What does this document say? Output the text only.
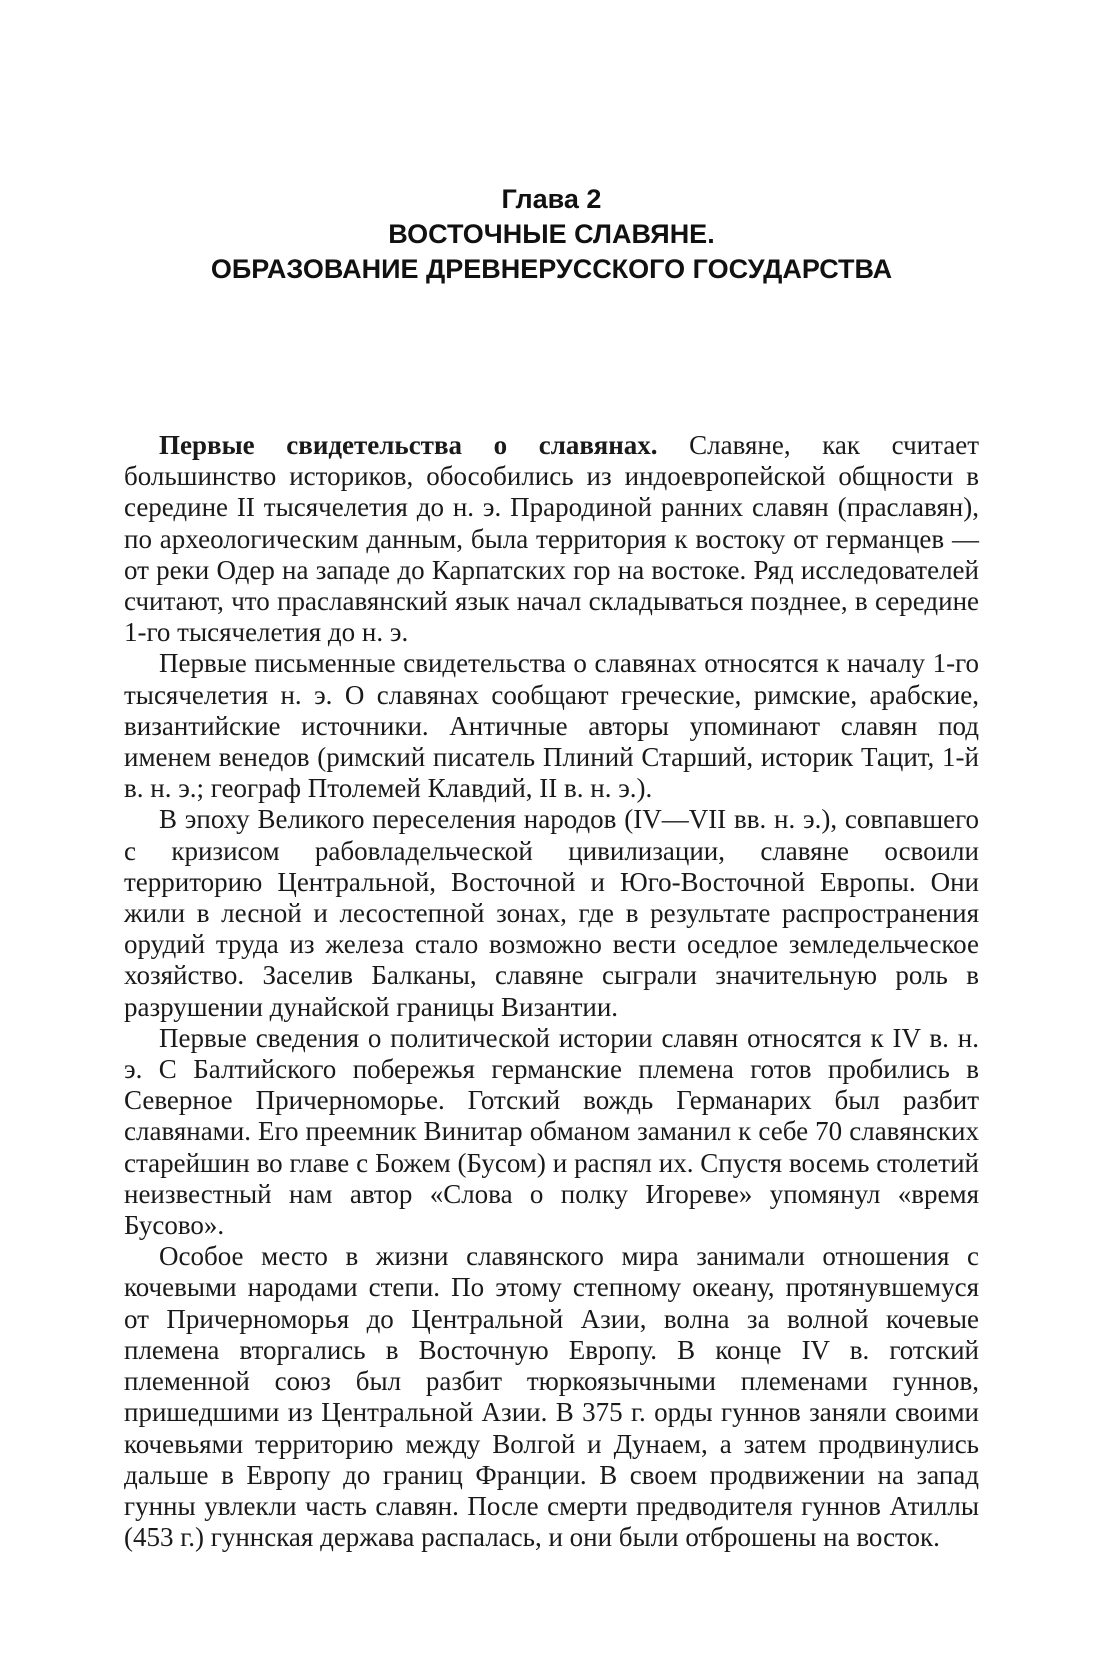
Глава 2
ВОСТОЧНЫЕ СЛАВЯНЕ.
ОБРАЗОВАНИЕ ДРЕВНЕРУССКОГО ГОСУДАРСТВА

Первые свидетельства о славянах. Славяне, как считает большинство историков, обособились из индоевропейской общности в середине II тысячелетия до н. э. Прародиной ранних славян (праславян), по археологическим данным, была территория к востоку от германцев — от реки Одер на западе до Карпатских гор на востоке. Ряд исследователей считают, что праславянский язык начал складываться позднее, в середине 1-го тысячелетия до н. э.

Первые письменные свидетельства о славянах относятся к началу 1-го тысячелетия н. э. О славянах сообщают греческие, римские, арабские, византийские источники. Античные авторы упоминают славян под именем венедов (римский писатель Плиний Старший, историк Тацит, 1-й в. н. э.; географ Птолемей Клавдий, II в. н. э.).

В эпоху Великого переселения народов (IV—VII вв. н. э.), совпавшего с кризисом рабовладельческой цивилизации, славяне освоили территорию Центральной, Восточной и Юго-Восточной Европы. Они жили в лесной и лесостепной зонах, где в результате распространения орудий труда из железа стало возможно вести оседлое земледельческое хозяйство. Заселив Балканы, славяне сыграли значительную роль в разрушении дунайской границы Византии.

Первые сведения о политической истории славян относятся к IV в. н. э. С Балтийского побережья германские племена готов пробились в Северное Причерноморье. Готский вождь Германарих был разбит славянами. Его преемник Винитар обманом заманил к себе 70 славянских старейшин во главе с Божем (Бусом) и распял их. Спустя восемь столетий неизвестный нам автор «Слова о полку Игореве» упомянул «время Бусово».

Особое место в жизни славянского мира занимали отношения с кочевыми народами степи. По этому степному океану, протянувшемуся от Причерноморья до Центральной Азии, волна за волной кочевые племена вторгались в Восточную Европу. В конце IV в. готский племенной союз был разбит тюркоязычными племенами гуннов, пришедшими из Центральной Азии. В 375 г. орды гуннов заняли своими кочевьями территорию между Волгой и Дунаем, а затем продвинулись дальше в Европу до границ Франции. В своем продвижении на запад гунны увлекли часть славян. После смерти предводителя гуннов Атиллы (453 г.) гуннская держава распалась, и они были отброшены на восток.
